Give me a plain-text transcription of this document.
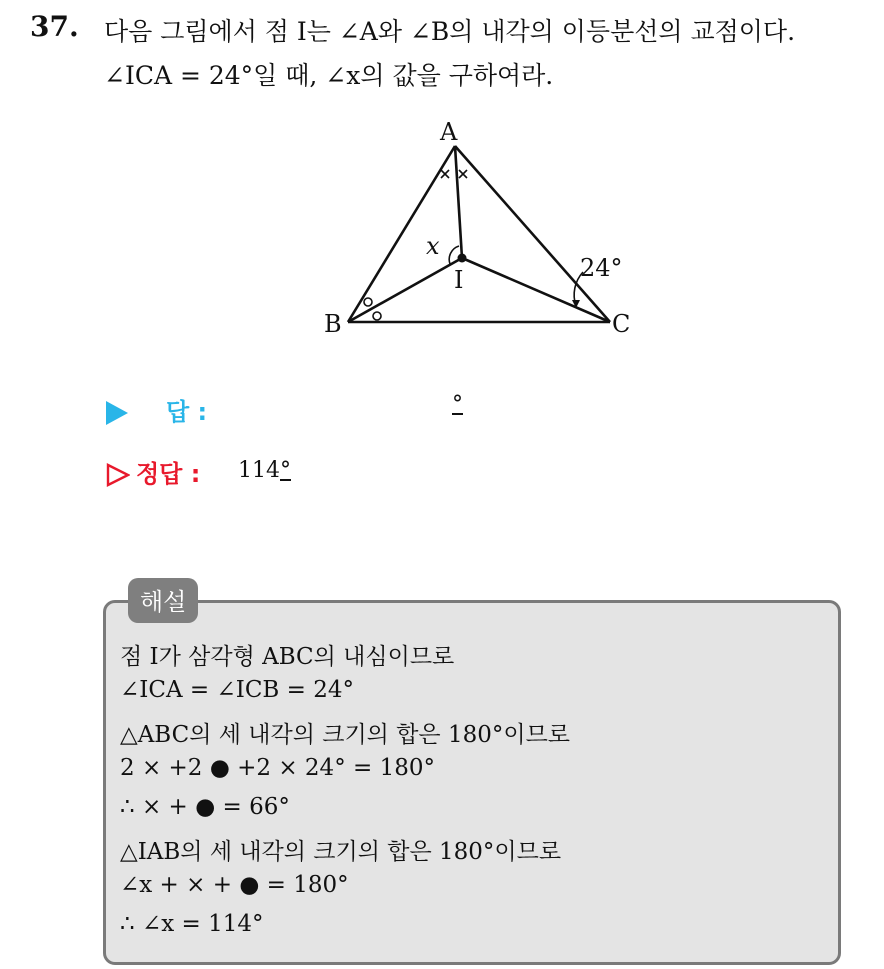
37. 다음 그림에서 점 I는 ∠A와 ∠B의 내각의 이등분선의 교점이다.
∠ICA = 24°일 때, ∠x의 값을 구하여라.
A
B	C
I
x
24°
답 :	°
정답 : 114°
해설
점 I가 삼각형 ABC의 내심이므로
∠ICA = ∠ICB = 24°
△ABC의 세 내각의 크기의 합은 180°이므로
2 × +2 ● +2 × 24° = 180°
∴ × + ● = 66°
△IAB의 세 내각의 크기의 합은 180°이므로
∠x + × + ● = 180°
∴ ∠x = 114°
